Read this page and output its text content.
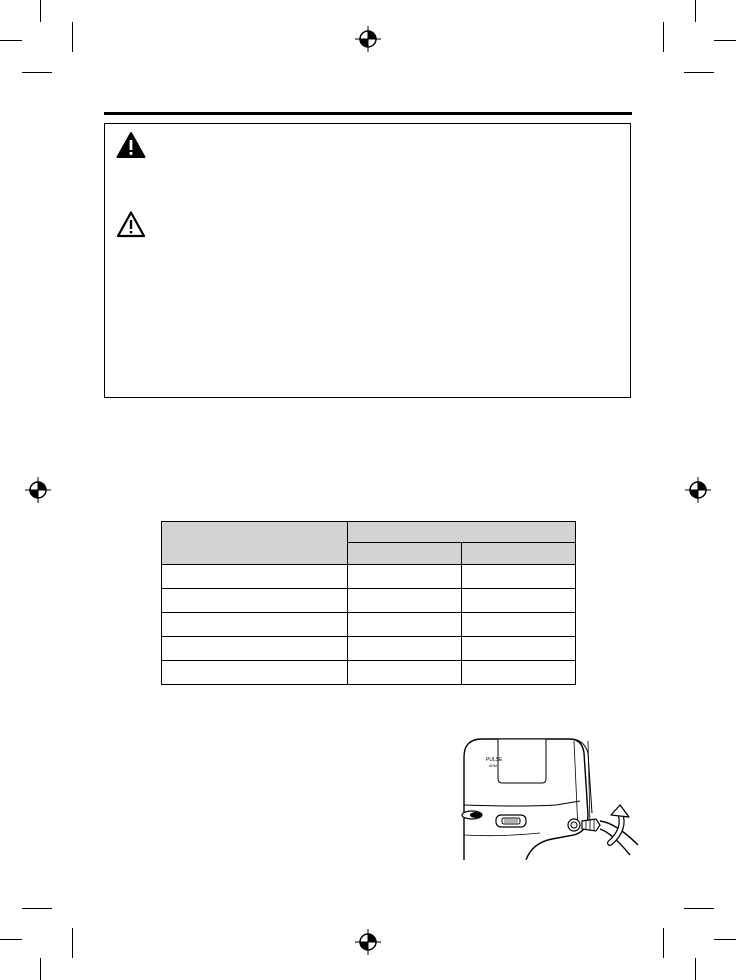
PULSE
ARM
